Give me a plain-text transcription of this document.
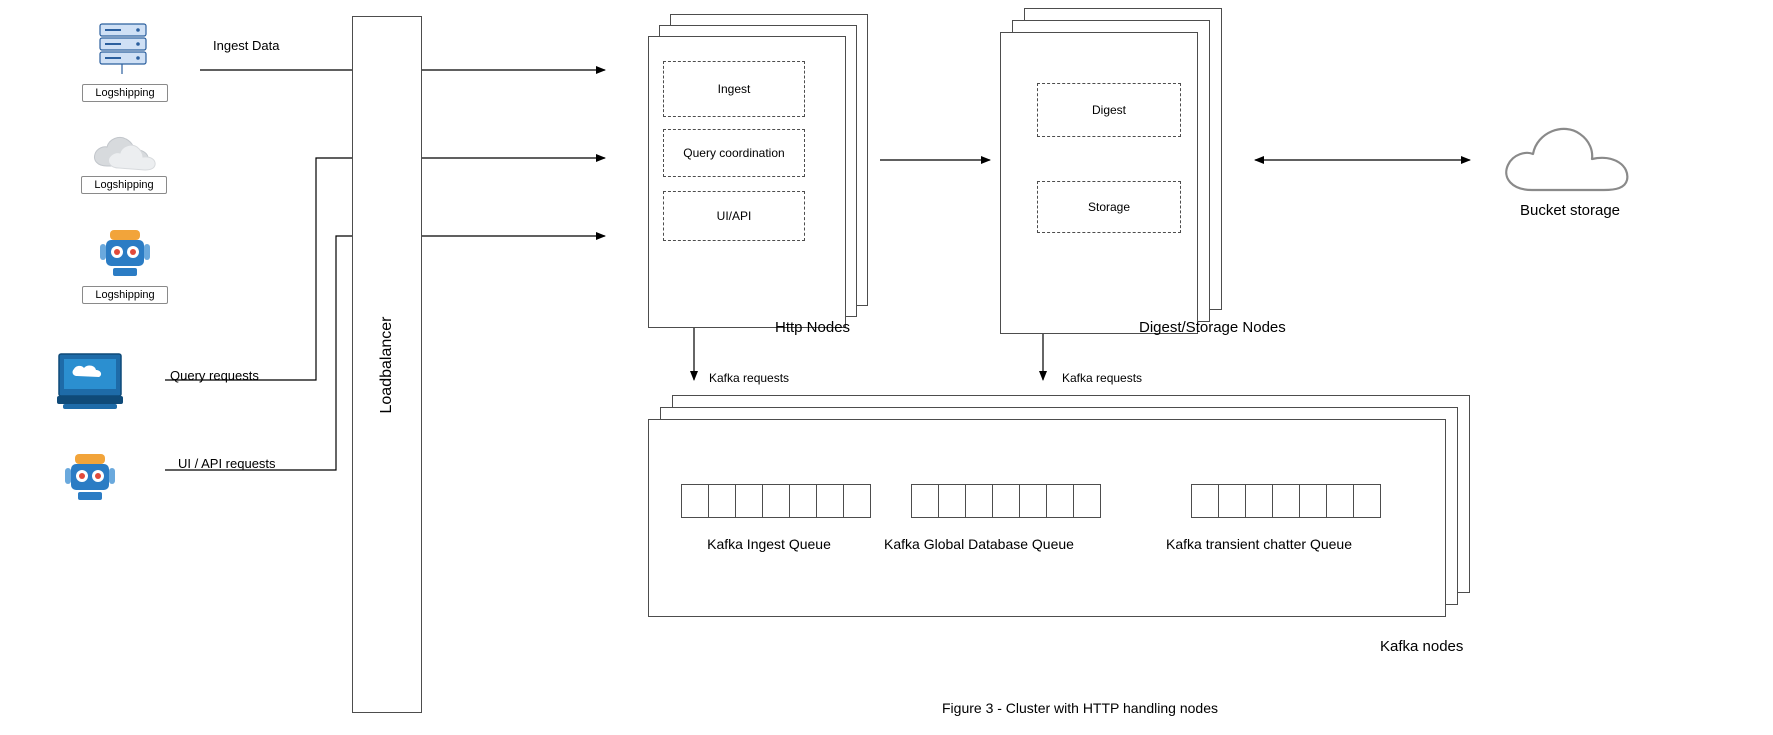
Logshipping
Logshipping
Logshipping
Ingest Data
Query requests
UI / API requests
Kafka requests	Kafka requests
Loadbalancer
Ingest
Query coordination
UI/API
Http Nodes
Digest
Storage
Digest/Storage Nodes
Bucket storage
Kafka Ingest Queue	Kafka Global Database Queue	Kafka transient chatter Queue
Kafka nodes
Figure 3 - Cluster with HTTP handling nodes
